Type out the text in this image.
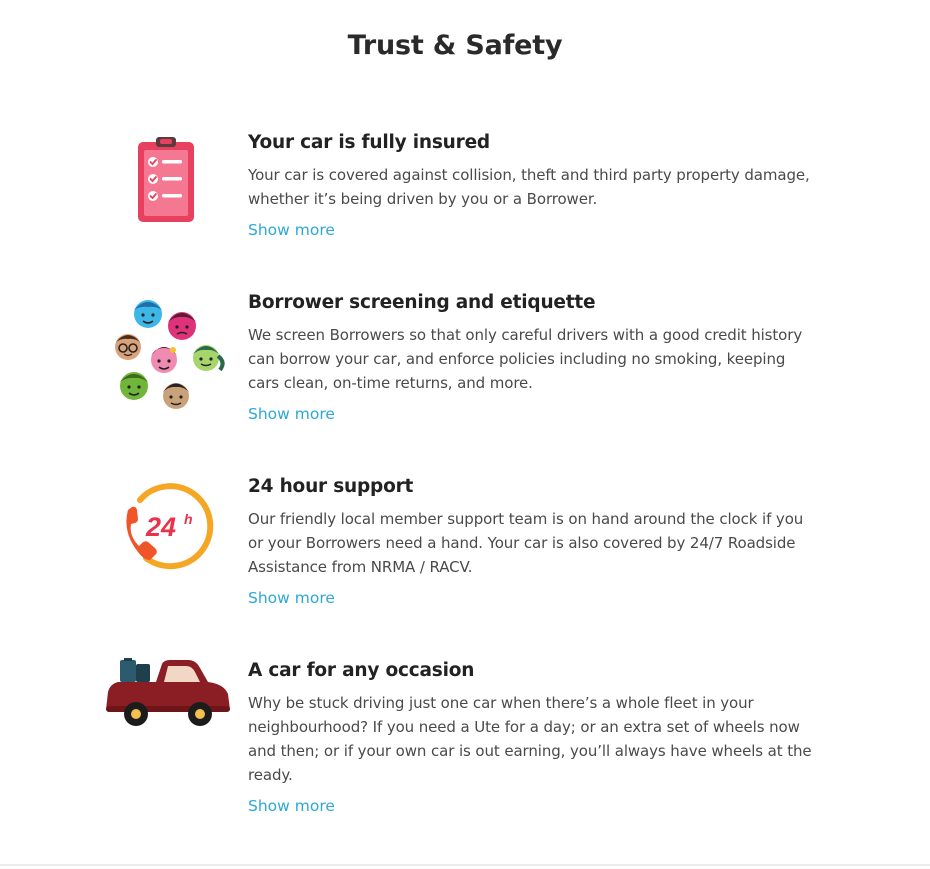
Trust & Safety
Your car is fully insured

Your car is covered against collision, theft and third party property damage, whether it’s being driven by you or a Borrower.

Show more
Borrower screening and etiquette

We screen Borrowers so that only careful drivers with a good credit history can borrow your car, and enforce policies including no smoking, keeping cars clean, on-time returns, and more.

Show more
24 h
24 hour support

Our friendly local member support team is on hand around the clock if you or your Borrowers need a hand. Your car is also covered by 24/7 Roadside Assistance from NRMA / RACV.

Show more
A car for any occasion

Why be stuck driving just one car when there’s a whole fleet in your neighbourhood? If you need a Ute for a day; or an extra set of wheels now and then; or if your own car is out earning, you’ll always have wheels at the ready.

Show more
